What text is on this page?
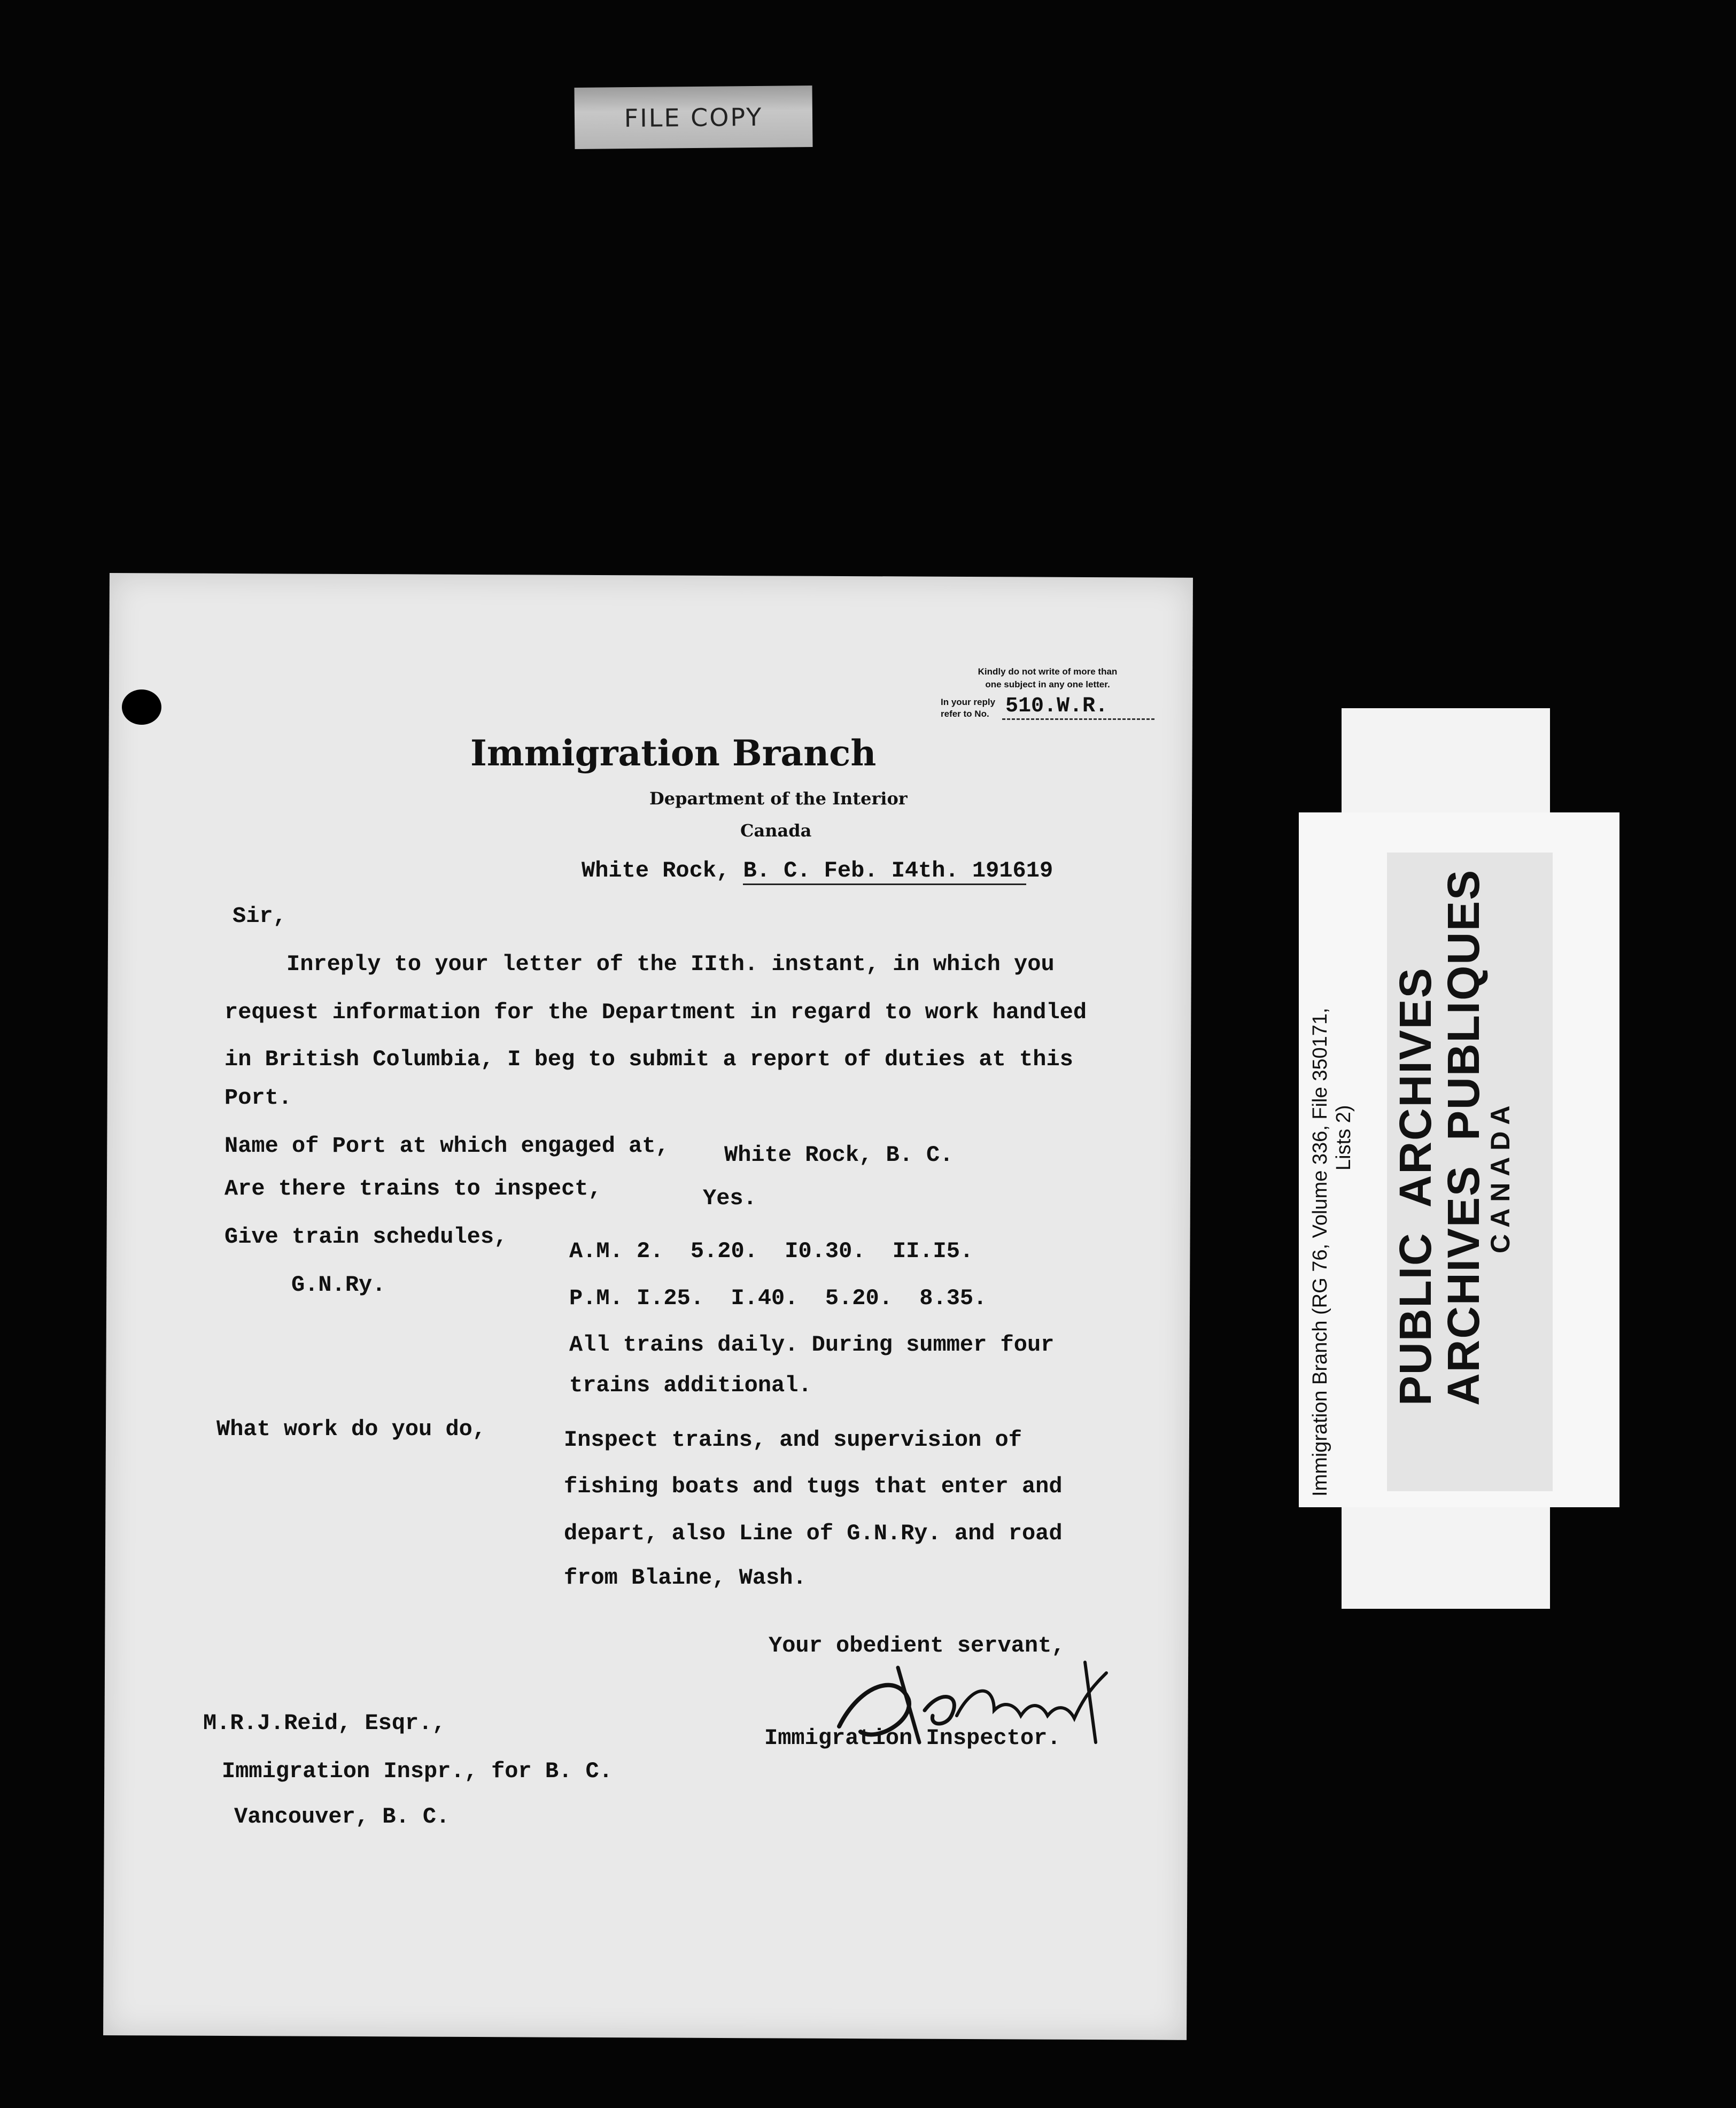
FILE COPY
Immigration Branch
Department of the Interior
Canada
Kindly do not write of more than
one subject in any one letter.
In your reply
refer to No. 510.W.R.
White Rock, B. C. Feb. I4th. 191619
Sir,
Inreply to your letter of the IIth. instant, in which you
request information for the Department in regard to work handled
in British Columbia, I beg to submit a report of duties at this
Port.
Name of Port at which engaged at, White Rock, B. C.
Are there trains to inspect,	Yes.
Give train schedules,
A.M. 2.  5.20.  I0.30.  II.I5.
G.N.Ry.
P.M. I.25.  I.40.  5.20.  8.35.
All trains daily. During summer four
trains additional.
What work do you do,	Inspect trains, and supervision of
fishing boats and tugs that enter and
depart, also Line of G.N.Ry. and road
from Blaine, Wash.
Your obedient servant,
Immigration Inspector.
M.R.J.Reid, Esqr.,
Immigration Inspr., for B. C.
Vancouver, B. C.
Immigration Branch (RG 76, Volume 336, File 350171, Lists 2)
PUBLICARCHIVES
ARCHIVESPUBLIQUES
CANADA
